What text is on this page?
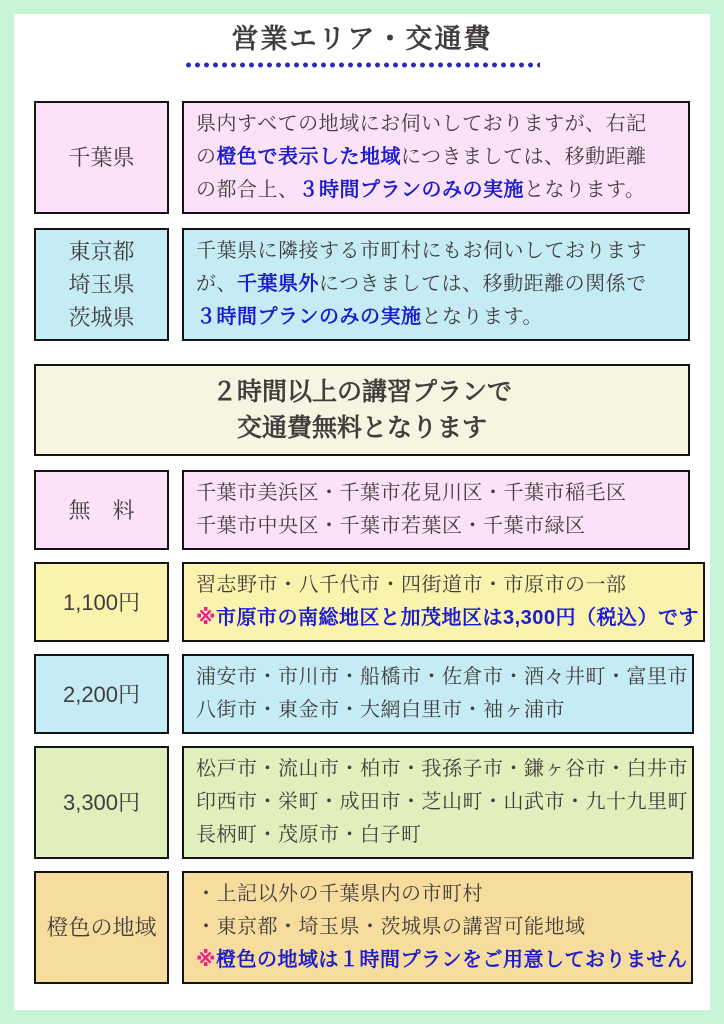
営業エリア・交通費
千葉県
県内すべての地域にお伺いしておりますが、右記
の橙色で表示した地域につきましては、移動距離
の都合上、３時間プランのみの実施となります。
東京都
埼玉県
茨城県
千葉県に隣接する市町村にもお伺いしております
が、千葉県外につきましては、移動距離の関係で
３時間プランのみの実施となります。
２時間以上の講習プランで
交通費無料となります
無　料
千葉市美浜区・千葉市花見川区・千葉市稲毛区
千葉市中央区・千葉市若葉区・千葉市緑区
1,100円
習志野市・八千代市・四街道市・市原市の一部
※市原市の南総地区と加茂地区は3,300円（税込）です
2,200円
浦安市・市川市・船橋市・佐倉市・酒々井町・富里市
八街市・東金市・大網白里市・袖ヶ浦市
3,300円
松戸市・流山市・柏市・我孫子市・鎌ヶ谷市・白井市
印西市・栄町・成田市・芝山町・山武市・九十九里町
長柄町・茂原市・白子町
橙色の地域
・上記以外の千葉県内の市町村
・東京都・埼玉県・茨城県の講習可能地域
※橙色の地域は１時間プランをご用意しておりません
